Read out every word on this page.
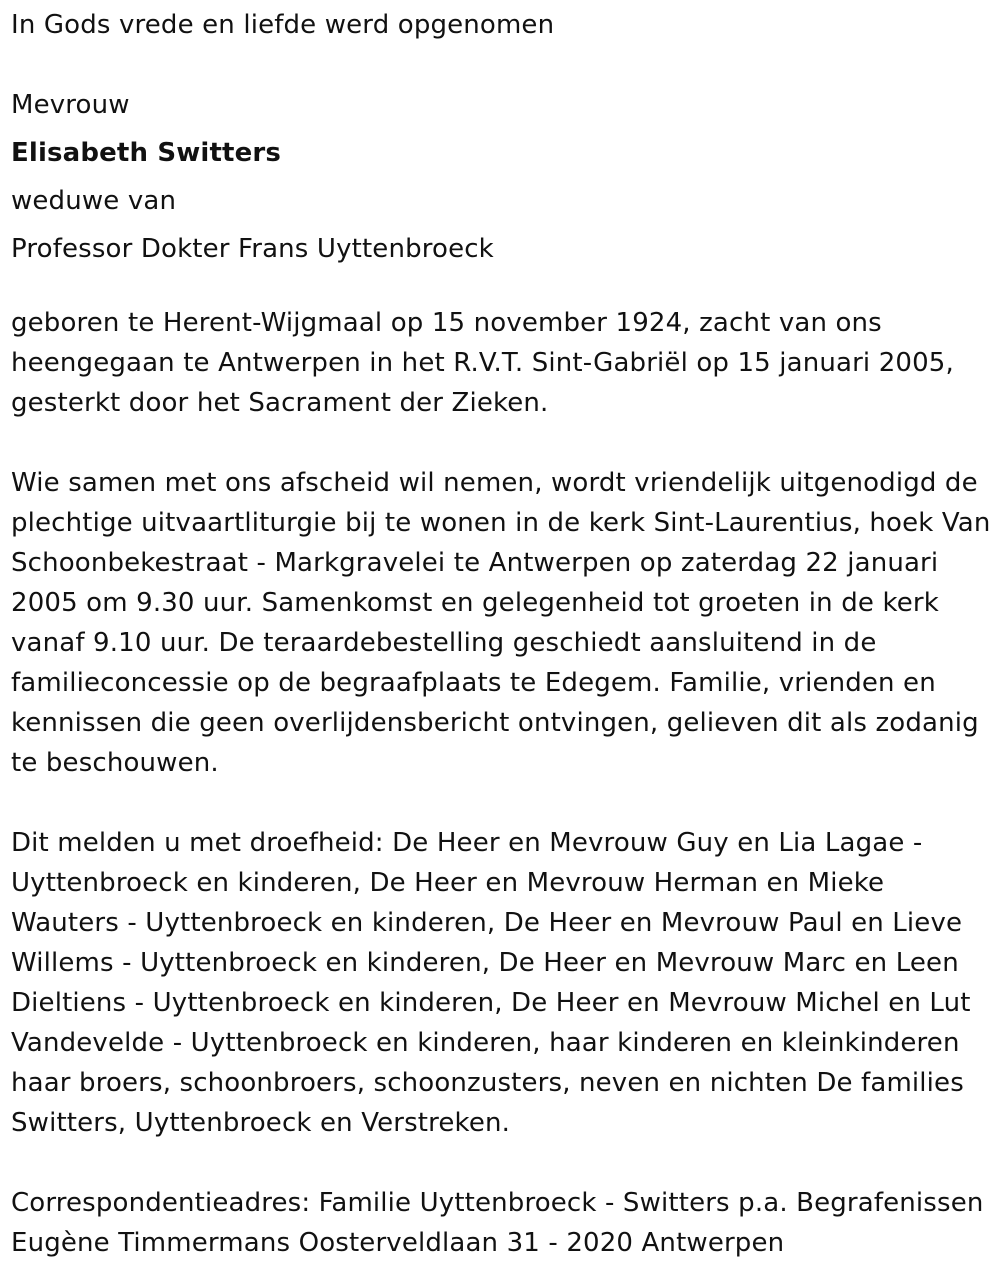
In Gods vrede en liefde werd opgenomen

Mevrouw

Elisabeth Switters

weduwe van

Professor Dokter Frans Uyttenbroeck

geboren te Herent-Wijgmaal op 15 november 1924, zacht van ons heengegaan te Antwerpen in het R.V.T. Sint-Gabriël op 15 januari 2005, gesterkt door het Sacrament der Zieken.

Wie samen met ons afscheid wil nemen, wordt vriendelijk uitgenodigd de plechtige uitvaartliturgie bij te wonen in de kerk Sint-Laurentius, hoek Van Schoonbekestraat - Markgravelei te Antwerpen op zaterdag 22 januari 2005 om 9.30 uur. Samenkomst en gelegenheid tot groeten in de kerk vanaf 9.10 uur. De teraardebestelling geschiedt aansluitend in de familieconcessie op de begraafplaats te Edegem. Familie, vrienden en kennissen die geen overlijdensbericht ontvingen, gelieven dit als zodanig te beschouwen.

Dit melden u met droefheid: De Heer en Mevrouw Guy en Lia Lagae - Uyttenbroeck en kinderen, De Heer en Mevrouw Herman en Mieke Wauters - Uyttenbroeck en kinderen, De Heer en Mevrouw Paul en Lieve Willems - Uyttenbroeck en kinderen, De Heer en Mevrouw Marc en Leen Dieltiens - Uyttenbroeck en kinderen, De Heer en Mevrouw Michel en Lut Vandevelde - Uyttenbroeck en kinderen, haar kinderen en kleinkinderen haar broers, schoonbroers, schoonzusters, neven en nichten De families Switters, Uyttenbroeck en Verstreken.

Correspondentieadres: Familie Uyttenbroeck - Switters p.a. Begrafenissen Eugène Timmermans Oosterveldlaan 31 - 2020 Antwerpen
